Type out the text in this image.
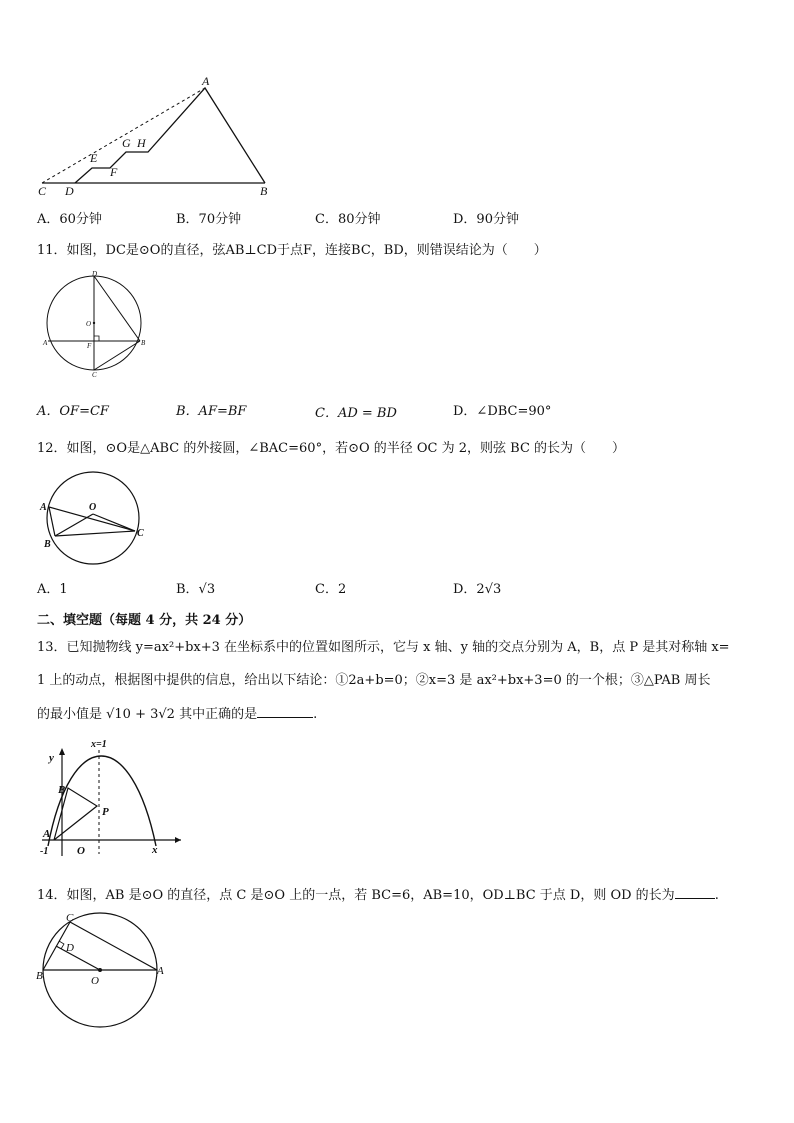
A
C D	B
E
F
G H
A．60分钟	B．70分钟	C．80分钟	D．90分钟
11．如图，DC是⊙O的直径，弦AB⊥CD于点F，连接BC，BD，则错误结论为（　　）
D
O
A	F	B
C
A．OF=CF	B．AF=BF	C．AD = BD	D．∠DBC=90°
12．如图，⊙O是△ABC 的外接圆，∠BAC=60°，若⊙O 的半径 OC 为 2，则弦 BC 的长为（　　）
A	O
B
C
A．1	B．√3	C．2	D．2√3
二、填空题（每题 4 分，共 24 分）
13．已知抛物线 y=ax²+bx+3 在坐标系中的位置如图所示，它与 x 轴、y 轴的交点分别为 A，B，点 P 是其对称轴 x=
1 上的动点，根据图中提供的信息，给出以下结论：①2a+b=0；②x=3 是 ax²+bx+3=0 的一个根；③△PAB 周长
的最小值是 √10 + 3√2 其中正确的是	.
x=1
y
x
B
P
A
-1	O
14．如图，AB 是⊙O 的直径，点 C 是⊙O 上的一点，若 BC=6，AB=10，OD⊥BC 于点 D，则 OD 的长为	.
C
D
B	O
A
